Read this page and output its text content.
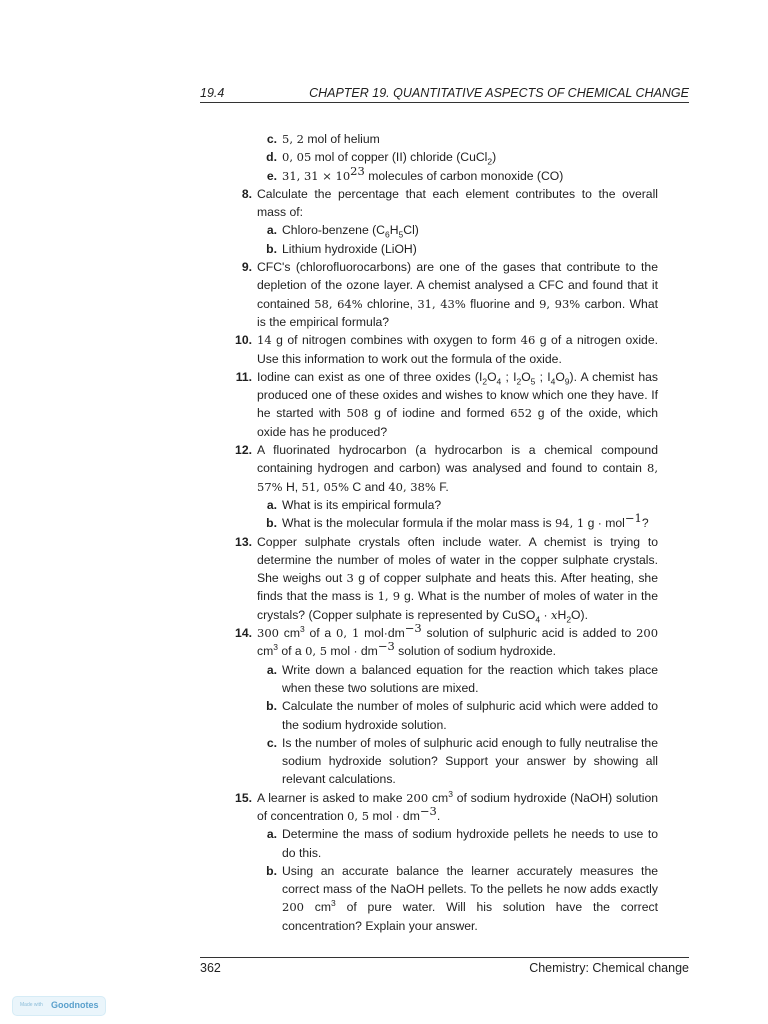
19.4	CHAPTER 19. QUANTITATIVE ASPECTS OF CHEMICAL CHANGE

c. 5, 2 mol of helium

d. 0, 05 mol of copper (II) chloride (CuCl$_2$)

e. 31, $31 \times 10^{23}$ molecules of carbon monoxide (CO)

8. Calculate the percentage that each element contributes to the overall mass of:

a. Chloro-benzene $(C_6H_5Cl)$

b. Lithium hydroxide (LiOH)

9. CFC's (chlorofluorocarbons) are one of the gases that contribute to the depletion of the ozone layer. A chemist analysed a CFC and found that it contained 58, 64% chlorine, 31, 43% fluorine and 9, 93% carbon. What is the empirical formula?

10. 14 g of nitrogen combines with oxygen to form 46 g of a nitrogen oxide. Use this information to work out the formula of the oxide.

11. Iodine can exist as one of three oxides ($I_2O_4$ ; $I_2O_5$ ; $I_4O_9$). A chemist has produced one of these oxides and wishes to know which one they have. If he started with 508 g of iodine and formed 652 g of the oxide, which oxide has he produced?

12. A fluorinated hydrocarbon (a hydrocarbon is a chemical compound containing hydrogen and carbon) was analysed and found to contain 8, 57% H, 51, 05% C and 40, 38% F.

a. What is its empirical formula?

b. What is the molecular formula if the molar mass is 94, 1 g · mol$^{-1}$?

13. Copper sulphate crystals often include water. A chemist is trying to determine the number of moles of water in the copper sulphate crystals. She weighs out 3 g of copper sulphate and heats this. After heating, she finds that the mass is 1, 9 g. What is the number of moles of water in the crystals? (Copper sulphate is represented by CuSO$_4$ · $xH_2O$).

14. 300 $cm^3$ of a 0, 1 $mol\cdot dm^{-3}$ solution of sulphuric acid is added to 200 $cm^3$ of a 0, 5 mol · $dm^{-3}$ solution of sodium hydroxide.

a. Write down a balanced equation for the reaction which takes place when these two solutions are mixed.

b. Calculate the number of moles of sulphuric acid which were added to the sodium hydroxide solution.

c. Is the number of moles of sulphuric acid enough to fully neutralise the sodium hydroxide solution? Support your answer by showing all relevant calculations.

15. A learner is asked to make 200 $cm^3$ of sodium hydroxide (NaOH) solution of concentration 0, 5 mol · $dm^{-3}$.

a. Determine the mass of sodium hydroxide pellets he needs to use to do this.

b. Using an accurate balance the learner accurately measures the correct mass of the NaOH pellets. To the pellets he now adds exactly 200 $cm^3$ of pure water. Will his solution have the correct concentration? Explain your answer.

362	Chemistry: Chemical change
Made with Goodnotes
